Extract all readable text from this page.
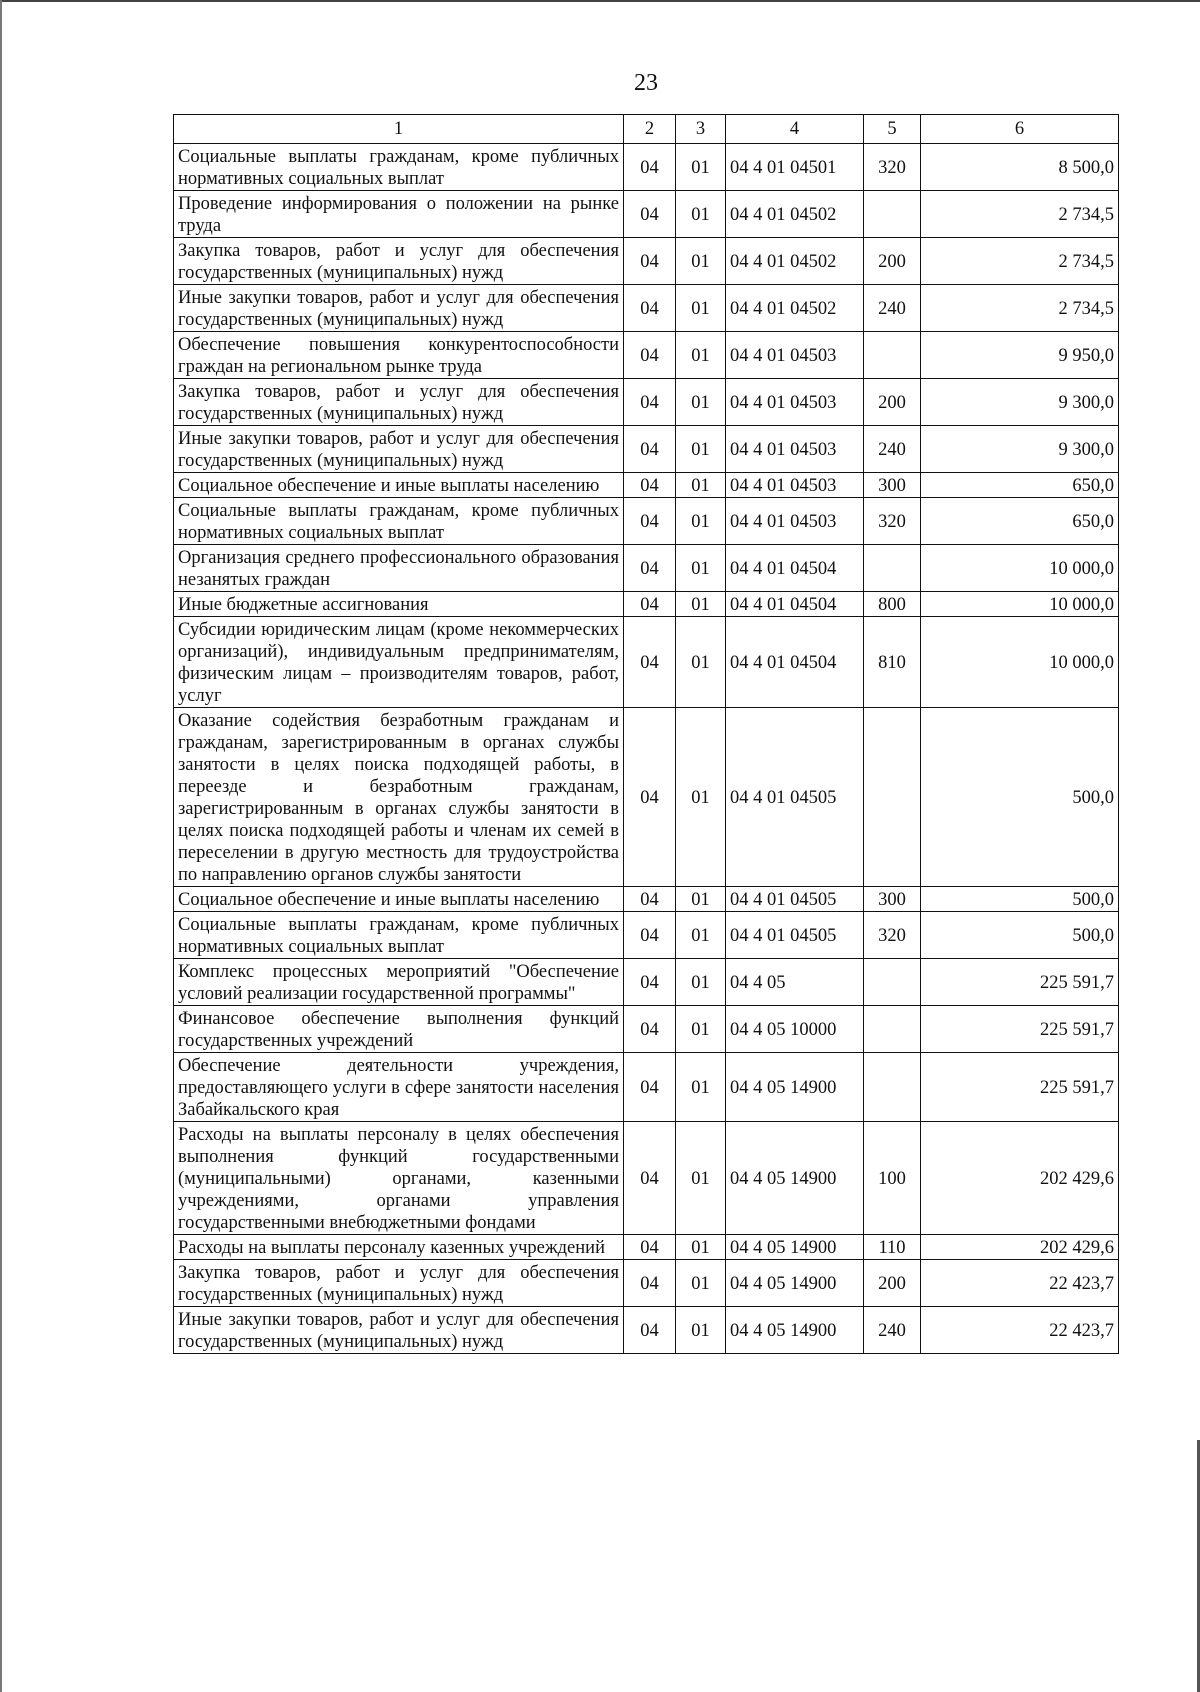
23
1	2	3	4	5	6
Социальные выплаты гражданам, кроме публичных нормативных социальных выплат	04	01	04 4 01 04501	320	8 500,0
Проведение информирования о положении на рынке труда	04	01	04 4 01 04502		2 734,5
Закупка товаров, работ и услуг для обеспечения государственных (муниципальных) нужд	04	01	04 4 01 04502	200	2 734,5
Иные закупки товаров, работ и услуг для обеспечения государственных (муниципальных) нужд	04	01	04 4 01 04502	240	2 734,5
Обеспечение повышения конкурентоспособности граждан на региональном рынке труда	04	01	04 4 01 04503		9 950,0
Закупка товаров, работ и услуг для обеспечения государственных (муниципальных) нужд	04	01	04 4 01 04503	200	9 300,0
Иные закупки товаров, работ и услуг для обеспечения государственных (муниципальных) нужд	04	01	04 4 01 04503	240	9 300,0
Социальное обеспечение и иные выплаты населению	04	01	04 4 01 04503	300	650,0
Социальные выплаты гражданам, кроме публичных нормативных социальных выплат	04	01	04 4 01 04503	320	650,0
Организация среднего профессионального образования незанятых граждан	04	01	04 4 01 04504		10 000,0
Иные бюджетные ассигнования	04	01	04 4 01 04504	800	10 000,0
Субсидии юридическим лицам (кроме некоммерческих организаций), индивидуальным предпринимателям, физическим лицам – производителям товаров, работ, услуг	04	01	04 4 01 04504	810	10 000,0
Оказание содействия безработным гражданам и гражданам, зарегистрированным в органах службы занятости в целях поиска подходящей работы, в переезде и безработным гражданам, зарегистрированным в органах службы занятости в целях поиска подходящей работы и членам их семей в переселении в другую местность для трудоустройства по направлению органов службы занятости	04	01	04 4 01 04505		500,0
Социальное обеспечение и иные выплаты населению	04	01	04 4 01 04505	300	500,0
Социальные выплаты гражданам, кроме публичных нормативных социальных выплат	04	01	04 4 01 04505	320	500,0
Комплекс процессных мероприятий "Обеспечение условий реализации государственной программы"	04	01	04 4 05		225 591,7
Финансовое обеспечение выполнения функций государственных учреждений	04	01	04 4 05 10000		225 591,7
Обеспечение деятельности учреждения, предоставляющего услуги в сфере занятости населения Забайкальского края	04	01	04 4 05 14900		225 591,7
Расходы на выплаты персоналу в целях обеспечения выполнения функций государственными (муниципальными) органами, казенными учреждениями, органами управления государственными внебюджетными фондами	04	01	04 4 05 14900	100	202 429,6
Расходы на выплаты персоналу казенных учреждений	04	01	04 4 05 14900	110	202 429,6
Закупка товаров, работ и услуг для обеспечения государственных (муниципальных) нужд	04	01	04 4 05 14900	200	22 423,7
Иные закупки товаров, работ и услуг для обеспечения государственных (муниципальных) нужд	04	01	04 4 05 14900	240	22 423,7
